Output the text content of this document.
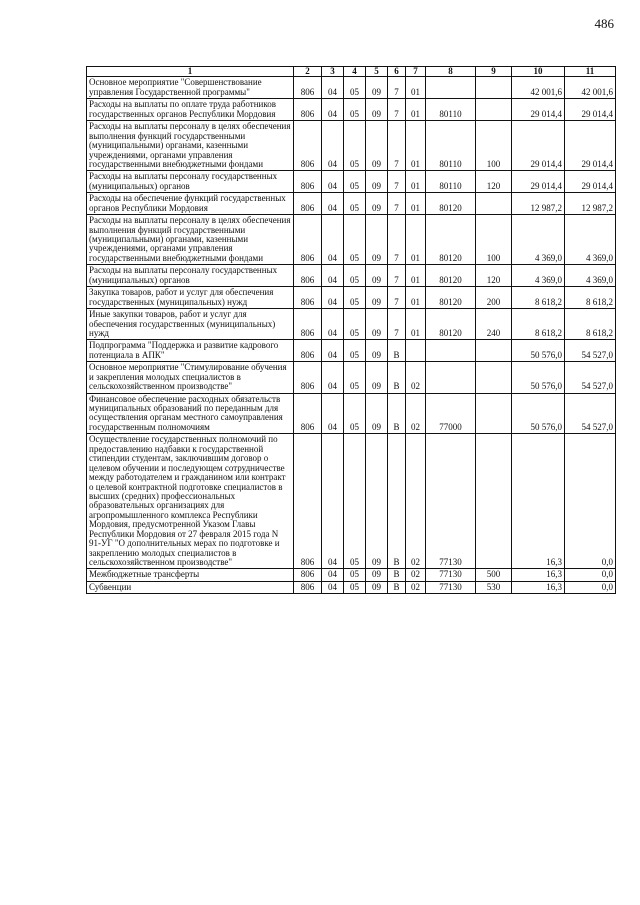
486
1	2	3	4	5	6	7	8	9	10	11
Основное мероприятие "Совершенствование управления Государственной программы"	806	04	05	09	7	01			42 001,6	42 001,6
Расходы на выплаты по оплате труда работников государственных органов Республики Мордовия	806	04	05	09	7	01	80110		29 014,4	29 014,4
Расходы на выплаты персоналу в целях обеспечения выполнения функций государственными (муниципальными) органами, казенными учреждениями, органами управления государственными внебюджетными фондами	806	04	05	09	7	01	80110	100	29 014,4	29 014,4
Расходы на выплаты персоналу государственных (муниципальных) органов	806	04	05	09	7	01	80110	120	29 014,4	29 014,4
Расходы на обеспечение функций государственных органов Республики Мордовия	806	04	05	09	7	01	80120		12 987,2	12 987,2
Расходы на выплаты персоналу в целях обеспечения выполнения функций государственными (муниципальными) органами, казенными учреждениями, органами управления государственными внебюджетными фондами	806	04	05	09	7	01	80120	100	4 369,0	4 369,0
Расходы на выплаты персоналу государственных (муниципальных) органов	806	04	05	09	7	01	80120	120	4 369,0	4 369,0
Закупка товаров, работ и услуг для обеспечения государственных (муниципальных) нужд	806	04	05	09	7	01	80120	200	8 618,2	8 618,2
Иные закупки товаров, работ и услуг для обеспечения государственных (муниципальных) нужд	806	04	05	09	7	01	80120	240	8 618,2	8 618,2
Подпрограмма "Поддержка и развитие кадрового потенциала в АПК"	806	04	05	09	В				50 576,0	54 527,0
Основное мероприятие "Стимулирование обучения и закрепления молодых специалистов в сельскохозяйственном производстве"	806	04	05	09	В	02			50 576,0	54 527,0
Финансовое обеспечение расходных обязательств муниципальных образований по переданным для осуществления органам местного самоуправления государственным полномочиям	806	04	05	09	В	02	77000		50 576,0	54 527,0
Осуществление государственных полномочий по предоставлению надбавки к государственной стипендии студентам, заключившим договор о целевом обучении и последующем сотрудничестве между работодателем и гражданином или контракт о целевой контрактной подготовке специалистов в высших (средних) профессиональных образовательных организациях для агропромышленного комплекса Республики Мордовия, предусмотренной Указом Главы Республики Мордовия от 27 февраля 2015 года N 91-УГ "О дополнительных мерах по подготовке и закреплению молодых специалистов в сельскохозяйственном производстве"	806	04	05	09	В	02	77130		16,3	0,0
Межбюджетные трансферты	806	04	05	09	В	02	77130	500	16,3	0,0
Субвенции	806	04	05	09	В	02	77130	530	16,3	0,0
